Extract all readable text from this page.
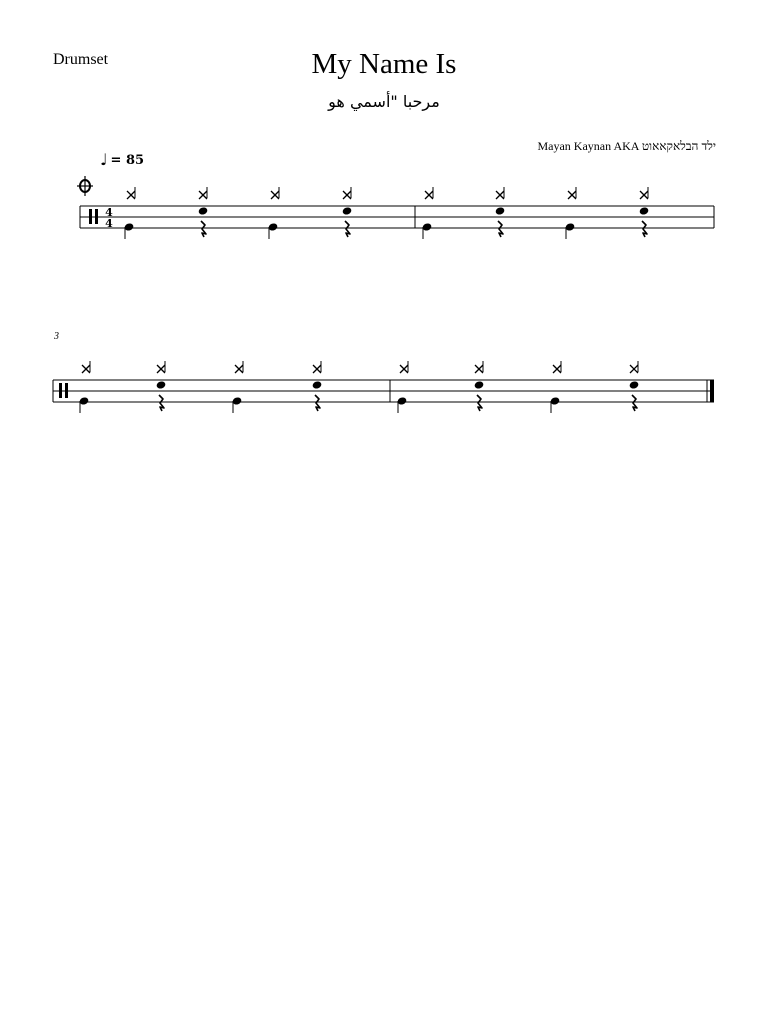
Drumset	My Name Is
مرحبا "أسمي هو
Mayan Kaynan AKA ילד הבלאקאאוט
♩ = 85
3
4
4
